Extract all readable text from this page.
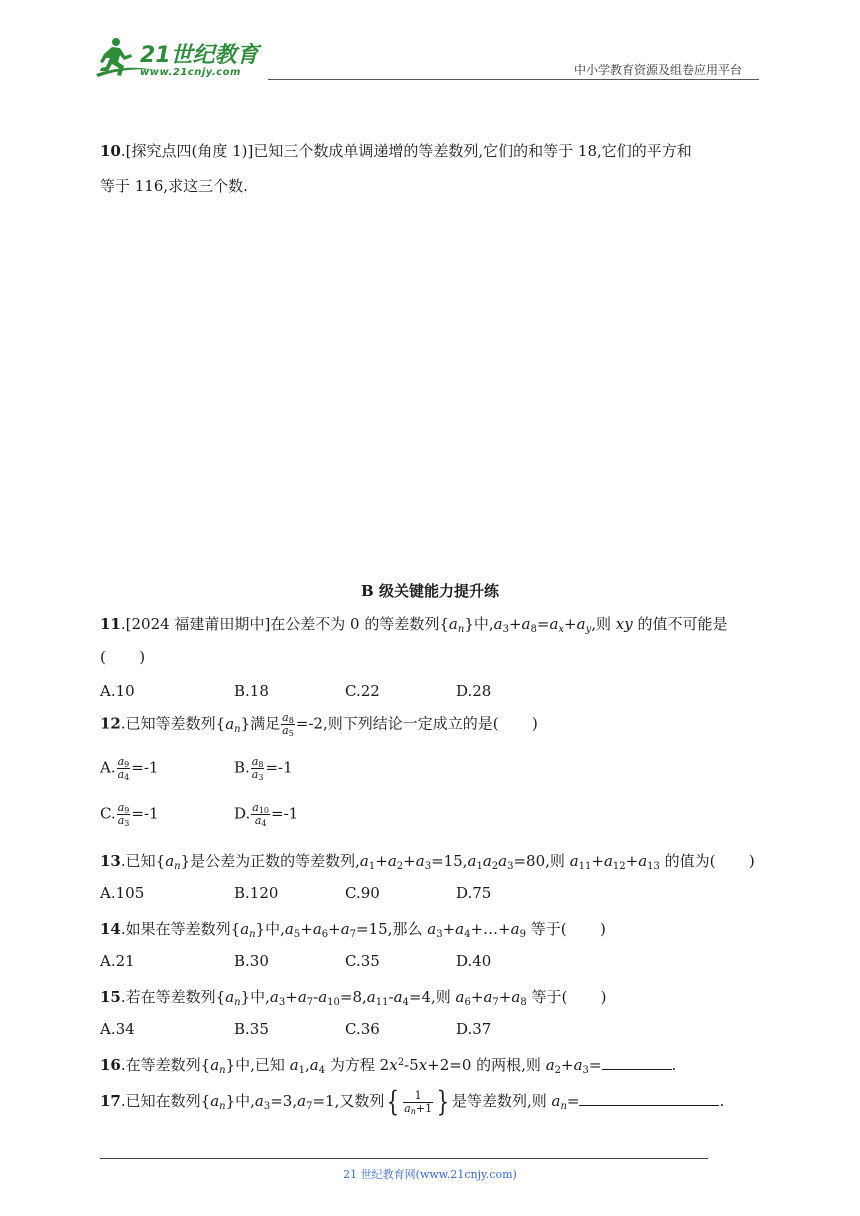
21世纪教育
www.21cnjy.com	中小学教育资源及组卷应用平台
10.[探究点四(角度 1)]已知三个数成单调递增的等差数列,它们的和等于 18,它们的平方和
等于 116,求这三个数.
B 级关键能力提升练
11.[2024 福建莆田期中]在公差不为 0 的等差数列$\{a_n\}$中$,a_3+a_8=a_x+a_y$,则 xy 的值不可能是
(       )
A.10	B.18	C.22	D.28
12.已知等差数列$\{a_n\}$满足 $\frac{a_8}{a_5} =-2$,则下列结论一定成立的是(       )
A. $\frac{a_9}{a_4} =-1$	B. $\frac{a_8}{a_3} =-1$
C. $\frac{a_9}{a_3} =-1$	D. $\frac{a_{10}}{a_4} =-1$
13.已知$\{a_n\}$是公差为正数的等差数列$,a_1+a_2+a_3=15,a_1a_2a_3=80$,则 $a_{11}+a_{12}+a_{13}$ 的值为(       )
A.105	B.120	C.90	D.75
14.如果在等差数列$\{a_n\}$中$,a_5+a_6+a_7=15$,那么 $a_3+a_4+\dots+a_9$ 等于(       )
A.21	B.30	C.35	D.40
15.若在等差数列$\{a_n\}$中$,a_3+a_7-a_{10}=8,a_{11}-a_4=4$,则 $a_6+a_7+a_8$ 等于(       )
A.34	B.35	C.36	D.37
16.在等差数列$\{a_n\}$中,已知 $a_1,a_4$ 为方程 $2x^2-5x+2=0$ 的两根,则 $a_2+a_3=$	.
17.已知在数列$\{a_n\}$中$,a_3=3,a_7=1$,又数列{ $\frac{1}{a_n+1}$ } 是等差数列,则 $a_n=$	.
21 世纪教育网(www.21cnjy.com)
